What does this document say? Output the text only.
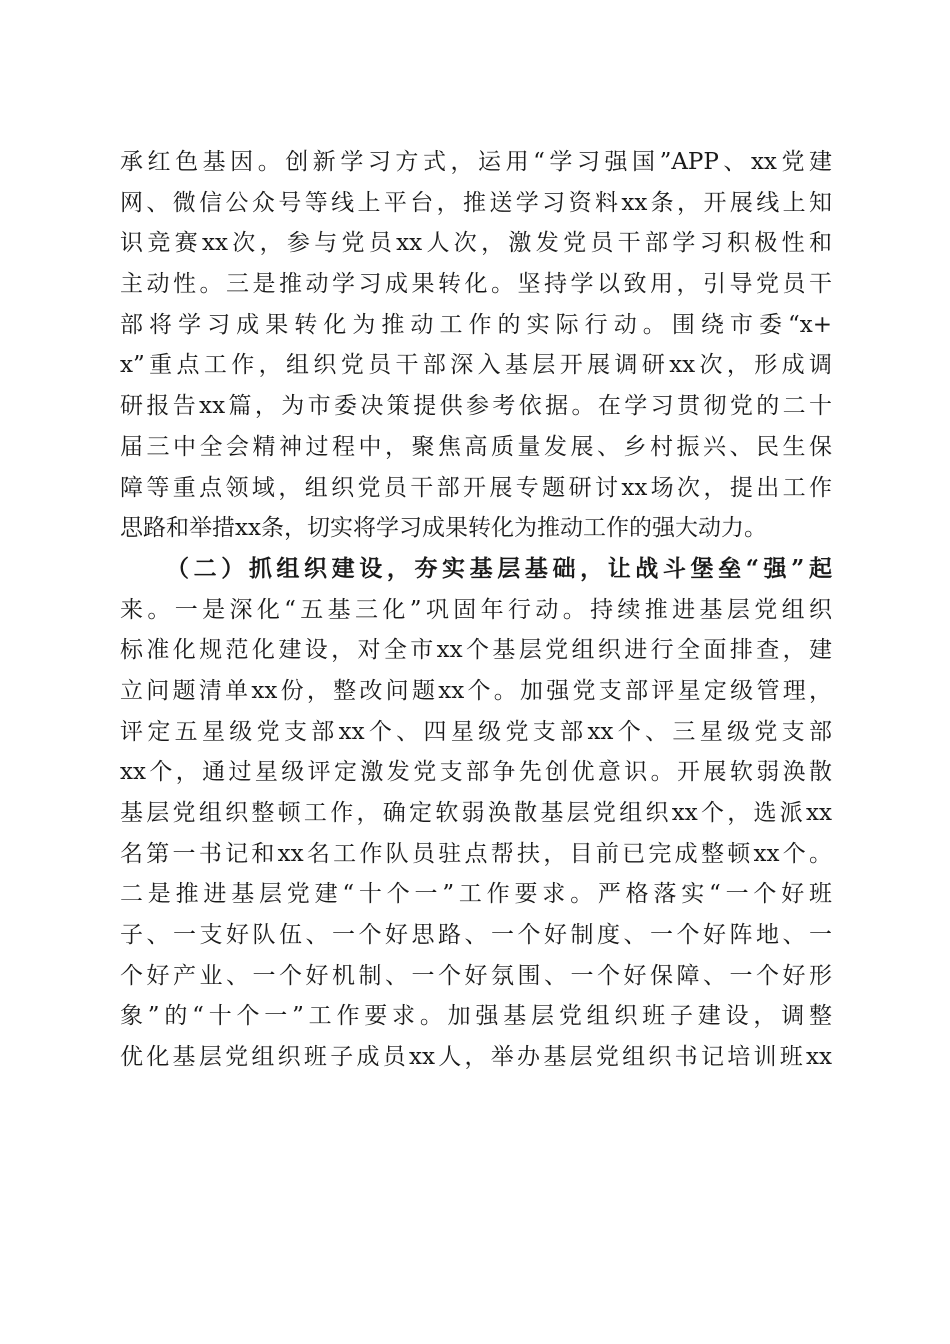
承红色基因。创新学习方式，运用“学习强国”APP、xx党建
网、微信公众号等线上平台，推送学习资料xx条，开展线上知
识竞赛xx次，参与党员xx人次，激发党员干部学习积极性和
主动性。三是推动学习成果转化。坚持学以致用，引导党员干
部将学习成果转化为推动工作的实际行动。围绕市委“x+
x”重点工作，组织党员干部深入基层开展调研xx次，形成调
研报告xx篇，为市委决策提供参考依据。在学习贯彻党的二十
届三中全会精神过程中，聚焦高质量发展、乡村振兴、民生保
障等重点领域，组织党员干部开展专题研讨xx场次，提出工作
思路和举措xx条，切实将学习成果转化为推动工作的强大动力。
（二）抓组织建设，夯实基层基础，让战斗堡垒“强”起
来。一是深化“五基三化”巩固年行动。持续推进基层党组织
标准化规范化建设，对全市xx个基层党组织进行全面排查，建
立问题清单xx份，整改问题xx个。加强党支部评星定级管理，
评定五星级党支部xx个、四星级党支部xx个、三星级党支部
xx个，通过星级评定激发党支部争先创优意识。开展软弱涣散
基层党组织整顿工作，确定软弱涣散基层党组织xx个，选派xx
名第一书记和xx名工作队员驻点帮扶，目前已完成整顿xx个。
二是推进基层党建“十个一”工作要求。严格落实“一个好班
子、一支好队伍、一个好思路、一个好制度、一个好阵地、一
个好产业、一个好机制、一个好氛围、一个好保障、一个好形
象”的“十个一”工作要求。加强基层党组织班子建设，调整
优化基层党组织班子成员xx人，举办基层党组织书记培训班xx
